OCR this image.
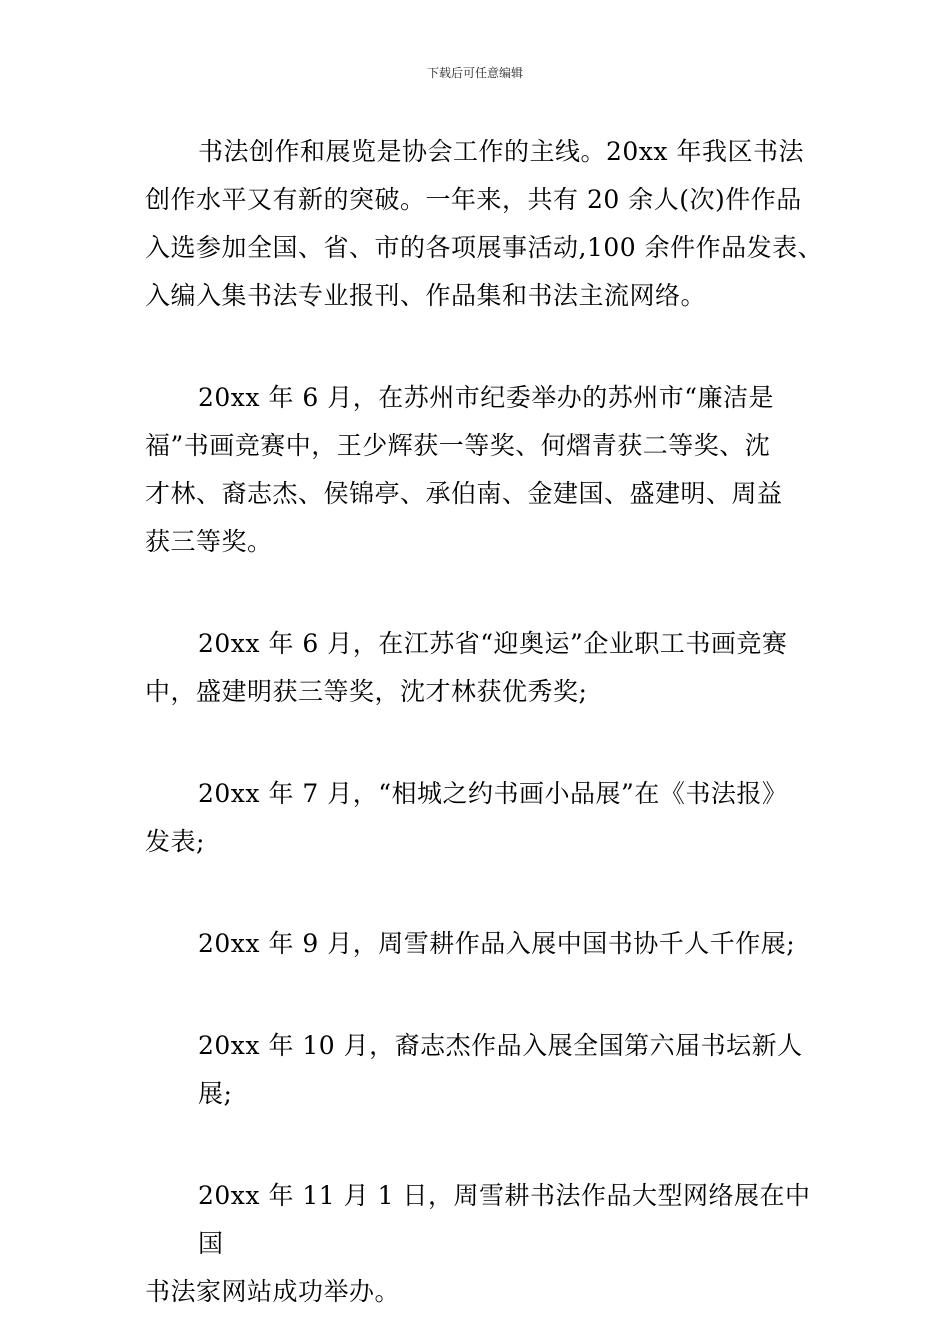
下载后可任意编辑
书法创作和展览是协会工作的主线。20xx 年我区书法
创作水平又有新的突破。一年来，共有 20 余人(次)件作品
入选参加全国、省、市的各项展事活动,100 余件作品发表、
入编入集书法专业报刊、作品集和书法主流网络。
20xx 年 6 月，在苏州市纪委举办的苏州市“廉洁是
福”书画竞赛中，王少辉获一等奖、何熠青获二等奖、沈
才林、裔志杰、侯锦亭、承伯南、金建国、盛建明、周益
获三等奖。
20xx 年 6 月，在江苏省“迎奥运”企业职工书画竞赛
中，盛建明获三等奖，沈才林获优秀奖;
20xx 年 7 月，“相城之约书画小品展”在《书法报》
发表;
20xx 年 9 月，周雪耕作品入展中国书协千人千作展;
20xx 年 10 月，裔志杰作品入展全国第六届书坛新人展;
20xx 年 11 月 1 日，周雪耕书法作品大型网络展在中国
书法家网站成功举办。
